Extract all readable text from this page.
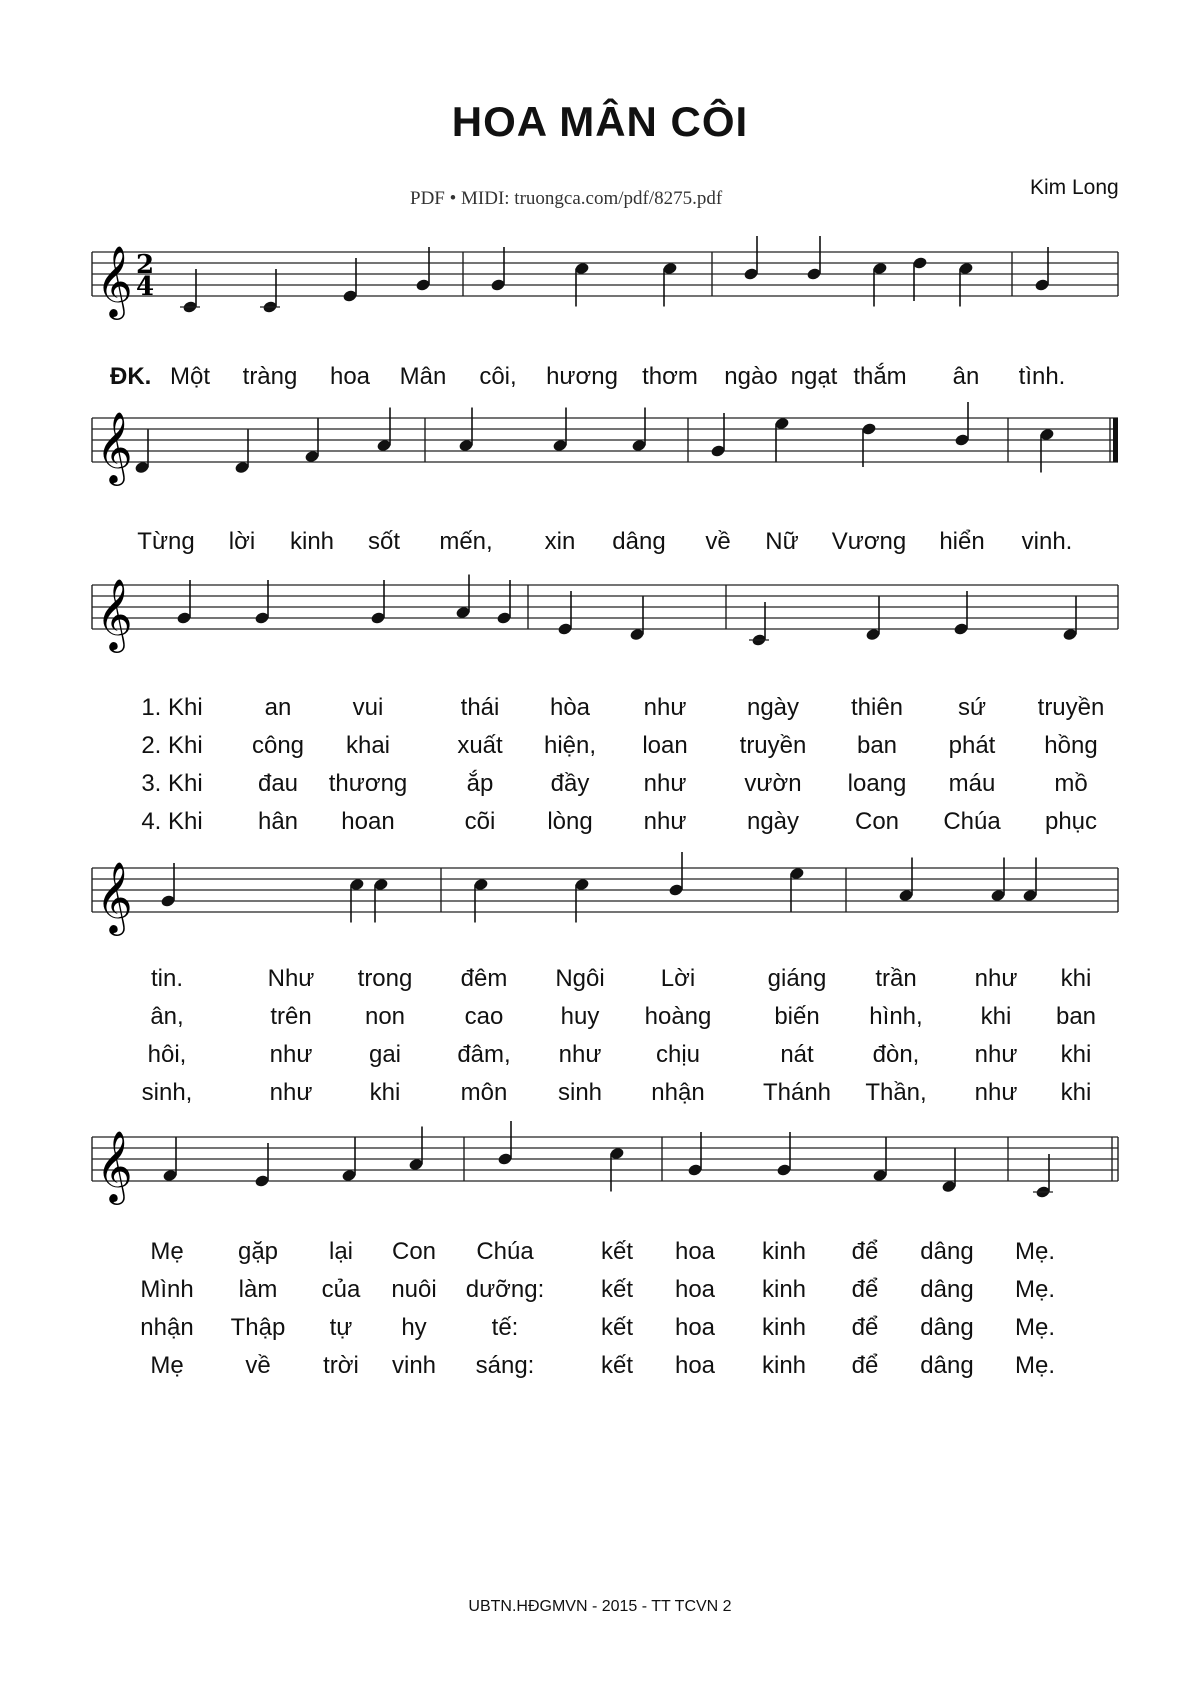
HOA MÂN CÔI
PDF • MIDI: truongca.com/pdf/8275.pdf	Kim Long
𝄞 2
4
𝄞
𝄞
𝄞
𝄞
ĐK. Một tràng hoa Mân côi, hương thơm ngào ngạt thắm ân tình.
Từng lời kinh sốt mến, xin dâng về Nữ Vương hiển vinh.
1. Khi	an	vui	thái hòa như	ngày thiên sứ truyền
2. Khi công khai	xuất hiện, loan truyền ban phát hồng
3. Khi đau thương ắp đầy như vườn loang máu mồ
4. Khi hân hoan	cõi lòng như	ngày Con Chúa phục
tin.	Như trong đêm Ngôi Lời	giáng trần như khi
ân,	trên non cao huy hoàng	biến hình, khi ban
hôi,	như gai đâm, như chịu	nát đòn, như khi
sinh,	như khi	môn sinh nhận Thánh Thần, như khi
Mẹ gặp lại Con Chúa	kết hoa kinh để dâng Mẹ.
Mình làm của nuôi dưỡng: kết hoa kinh để dâng Mẹ.
nhận Thập tự hy	tế:	kết hoa kinh để dâng Mẹ.
Mẹ	về trời vinh sáng:	kết hoa kinh để dâng Mẹ.
UBTN.HĐGMVN - 2015 - TT TCVN 2
